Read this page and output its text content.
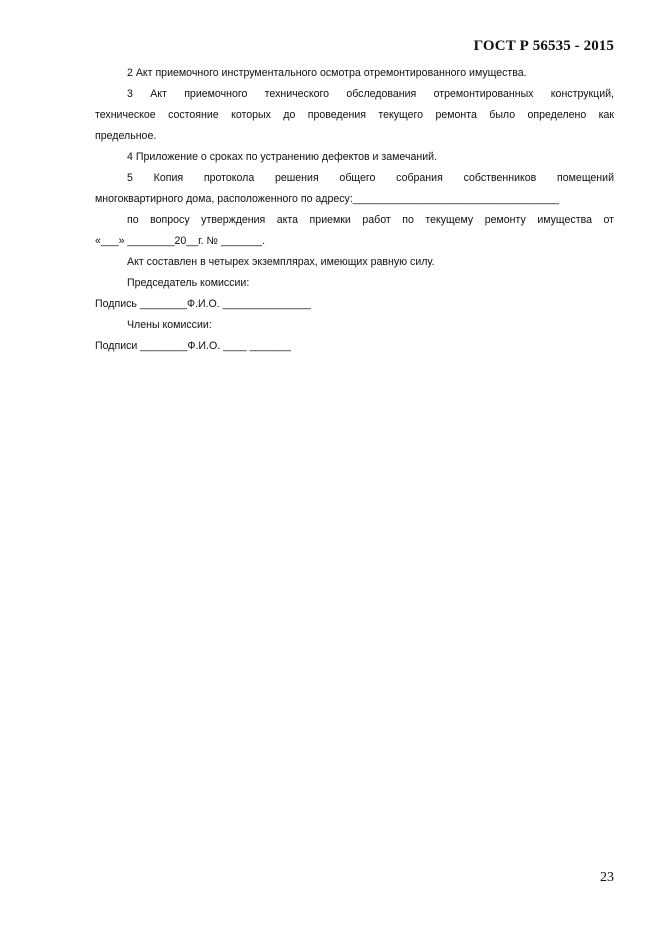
ГОСТ Р 56535 - 2015

2 Акт приемочного инструментального осмотра отремонтированного имущества.

3 Акт приемочного технического обследования отремонтированных конструкций,

техническое состояние которых до проведения текущего ремонта было определено как

предельное.

4 Приложение о сроках по устранению дефектов и замечаний.

5 Копия протокола решения общего собрания собственников помещений

многоквартирного дома, расположенного по адресу:___________________________________

по вопросу утверждения акта приемки работ по текущему ремонту имущества от

«___» ________20__г. № _______.

Акт составлен в четырех экземплярах, имеющих равную силу.

Председатель комиссии:

Подпись ________Ф.И.О. _______________

Члены комиссии:

Подписи ________Ф.И.О. ____ _______

23
